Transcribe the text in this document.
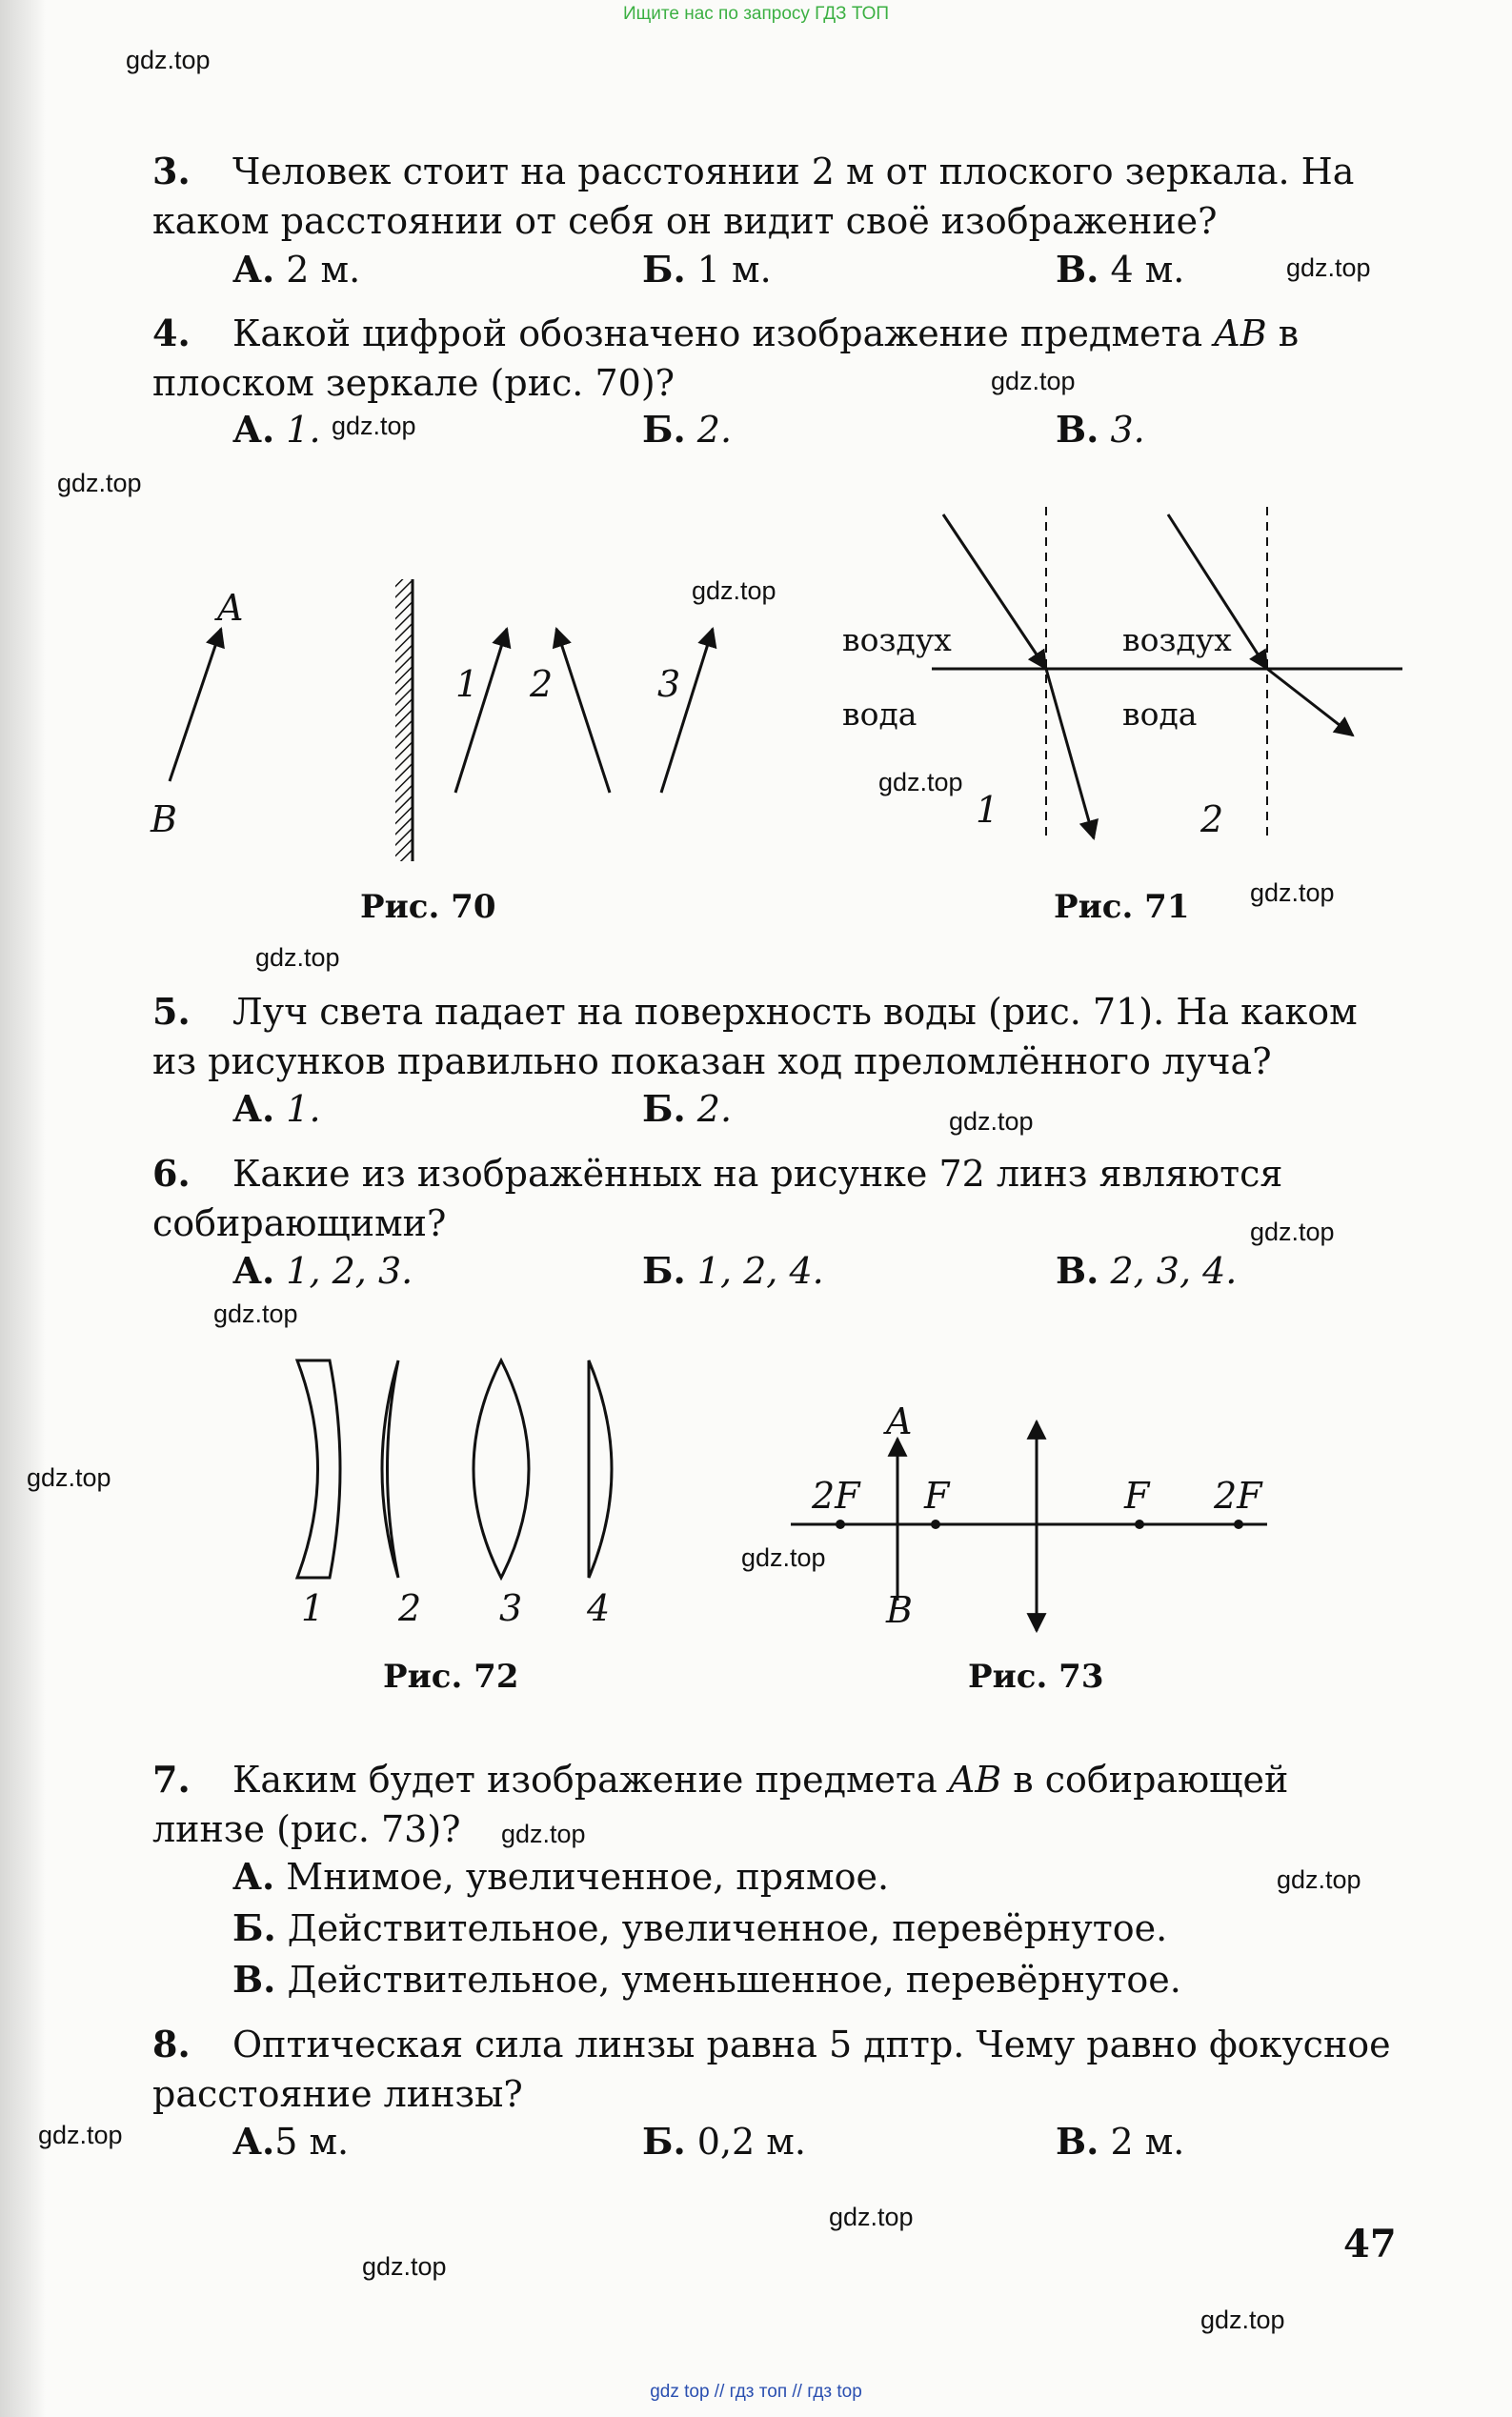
Ищите нас по запросу ГДЗ ТОП
gdz.top
gdz.top
gdz.top
gdz.top
gdz.top
gdz.top
gdz.top
gdz.top
gdz.top
gdz.top
gdz.top
gdz.top
gdz.top
gdz.top
gdz.top
gdz.top
gdz.top
gdz.top
gdz.top
gdz.top
3. Человек стоит на расстоянии 2 м от плоского зеркала. На каком расстоянии от себя он видит своё изображение?
А. 2 м.	Б. 1 м.	В. 4 м.
4. Какой цифрой обозначено изображение предмета AB в плоском зеркале (рис. 70)?
А. 1.	Б. 2.	В. 3.
A
B
1 2	3
Рис. 70
воздух
вода
воздух
вода
1	2
Рис. 71
5. Луч света падает на поверхность воды (рис. 71). На каком из рисунков правильно показан ход преломлённого луча?
А. 1.	Б. 2.
6. Какие из изображённых на рисунке 72 линз являются собирающими?
А. 1, 2, 3.	Б. 1, 2, 4.	В. 2, 3, 4.
1 2 3 4
Рис. 72
A
B
2F F	F 2F
Рис. 73
7. Каким будет изображение предмета AB в собирающей линзе (рис. 73)?
А. Мнимое, увеличенное, прямое.
Б. Действительное, увеличенное, перевёрнутое.
В. Действительное, уменьшенное, перевёрнутое.
8. Оптическая сила линзы равна 5 дптр. Чему равно фокусное расстояние линзы?
А.5 м.	Б. 0,2 м.	В. 2 м.
47
gdz top // гдз топ // гдз top
